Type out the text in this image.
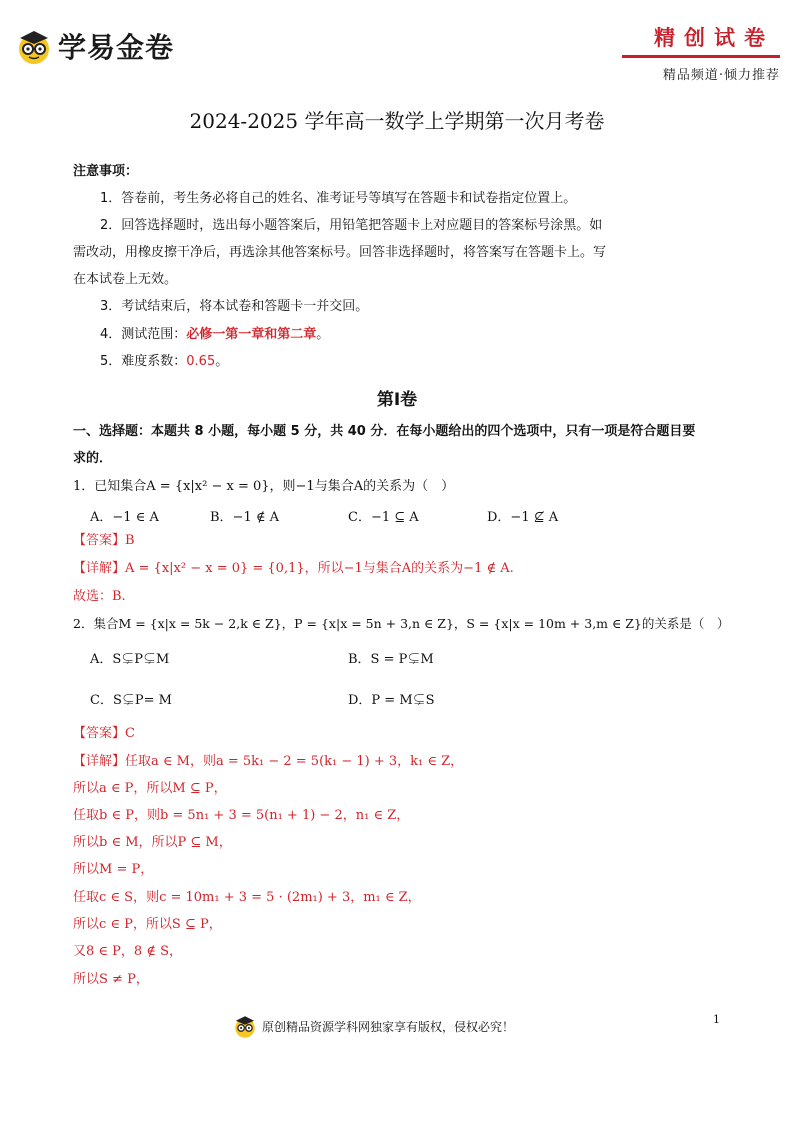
学易金卷	精创试卷
精品频道·倾力推荐
2024-2025 学年高一数学上学期第一次月考卷
注意事项：
1．答卷前，考生务必将自己的姓名、准考证号等填写在答题卡和试卷指定位置上。
2．回答选择题时，选出每小题答案后，用铅笔把答题卡上对应题目的答案标号涂黑。如
需改动，用橡皮擦干净后，再选涂其他答案标号。回答非选择题时，将答案写在答题卡上。写
在本试卷上无效。
3．考试结束后，将本试卷和答题卡一并交回。
4．测试范围：必修一第一章和第二章。
5．难度系数：0.65。
第Ⅰ卷
一、选择题：本题共 8 小题，每小题 5 分，共 40 分．在每小题给出的四个选项中，只有一项是符合题目要
求的．
1．已知集合A = {x|x² − x = 0}，则−1与集合A的关系为（　）
A．−1 ∈ A	B．−1 ∉ A	C．−1 ⊆ A	D．−1 ⊈ A
【答案】B
【详解】A = {x|x² − x = 0} = {0,1}，所以−1与集合A的关系为−1 ∉ A.
故选：B.
2．集合M = {x|x = 5k − 2,k ∈ Z}，P = {x|x = 5n + 3,n ∈ Z}，S = {x|x = 10m + 3,m ∈ Z}的关系是（　）
A．S⊊P⊊M	B．S = P⊊M
C．S⊊P= M	D．P = M⊊S
【答案】C
【详解】任取a ∈ M，则a = 5k₁ − 2 = 5(k₁ − 1) + 3，k₁ ∈ Z，
所以a ∈ P，所以M ⊆ P，
任取b ∈ P，则b = 5n₁ + 3 = 5(n₁ + 1) − 2，n₁ ∈ Z，
所以b ∈ M，所以P ⊆ M，
所以M = P，
任取c ∈ S，则c = 10m₁ + 3 = 5 · (2m₁) + 3，m₁ ∈ Z，
所以c ∈ P，所以S ⊆ P，
又8 ∈ P，8 ∉ S，
所以S ≠ P，
原创精品资源学科网独家享有版权，侵权必究！	1
